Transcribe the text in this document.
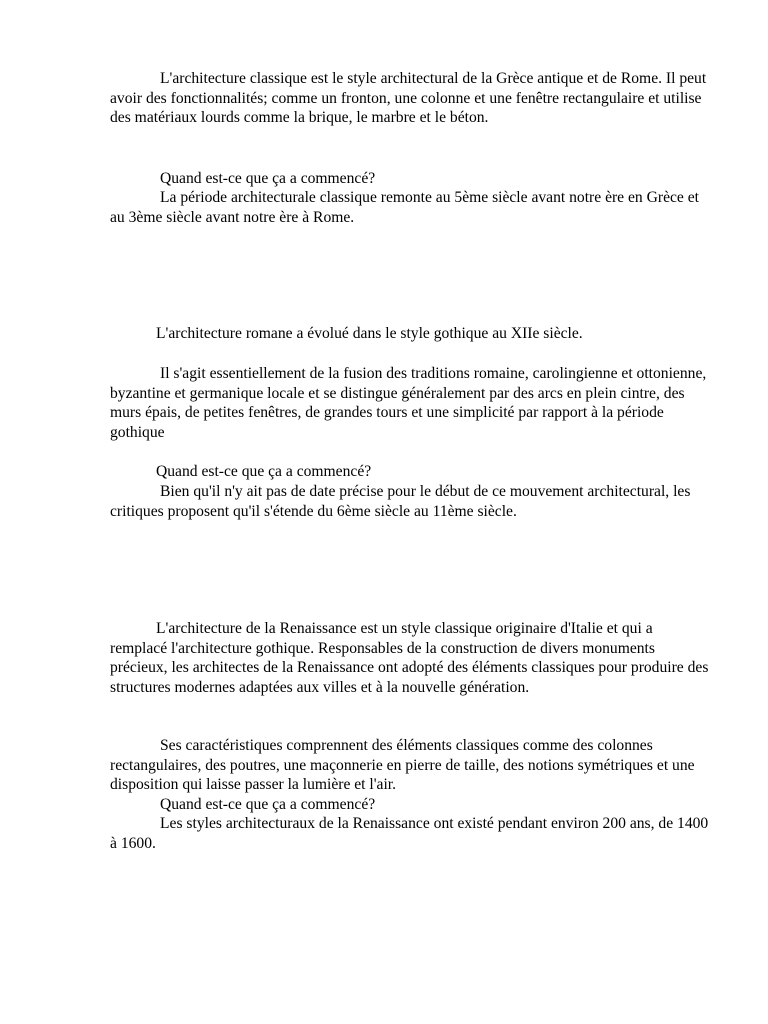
L'architecture classique est le style architectural de la Grèce antique et de Rome. Il peut avoir des fonctionnalités; comme un fronton, une colonne et une fenêtre rectangulaire et utilise des matériaux lourds comme la brique, le marbre et le béton.

Quand est-ce que ça a commencé?

La période architecturale classique remonte au 5ème siècle avant notre ère en Grèce et au 3ème siècle avant notre ère à Rome.

L'architecture romane a évolué dans le style gothique au XIIe siècle.

Il s'agit essentiellement de la fusion des traditions romaine, carolingienne et ottonienne, byzantine et germanique locale et se distingue généralement par des arcs en plein cintre, des murs épais, de petites fenêtres, de grandes tours et une simplicité par rapport à la période gothique

Quand est-ce que ça a commencé?

Bien qu'il n'y ait pas de date précise pour le début de ce mouvement architectural, les critiques proposent qu'il s'étende du 6ème siècle au 11ème siècle.

L'architecture de la Renaissance est un style classique originaire d'Italie et qui a remplacé l'architecture gothique. Responsables de la construction de divers monuments précieux, les architectes de la Renaissance ont adopté des éléments classiques pour produire des structures modernes adaptées aux villes et à la nouvelle génération.

Ses caractéristiques comprennent des éléments classiques comme des colonnes rectangulaires, des poutres, une maçonnerie en pierre de taille, des notions symétriques et une disposition qui laisse passer la lumière et l'air.

Quand est-ce que ça a commencé?

Les styles architecturaux de la Renaissance ont existé pendant environ 200 ans, de 1400 à 1600.
